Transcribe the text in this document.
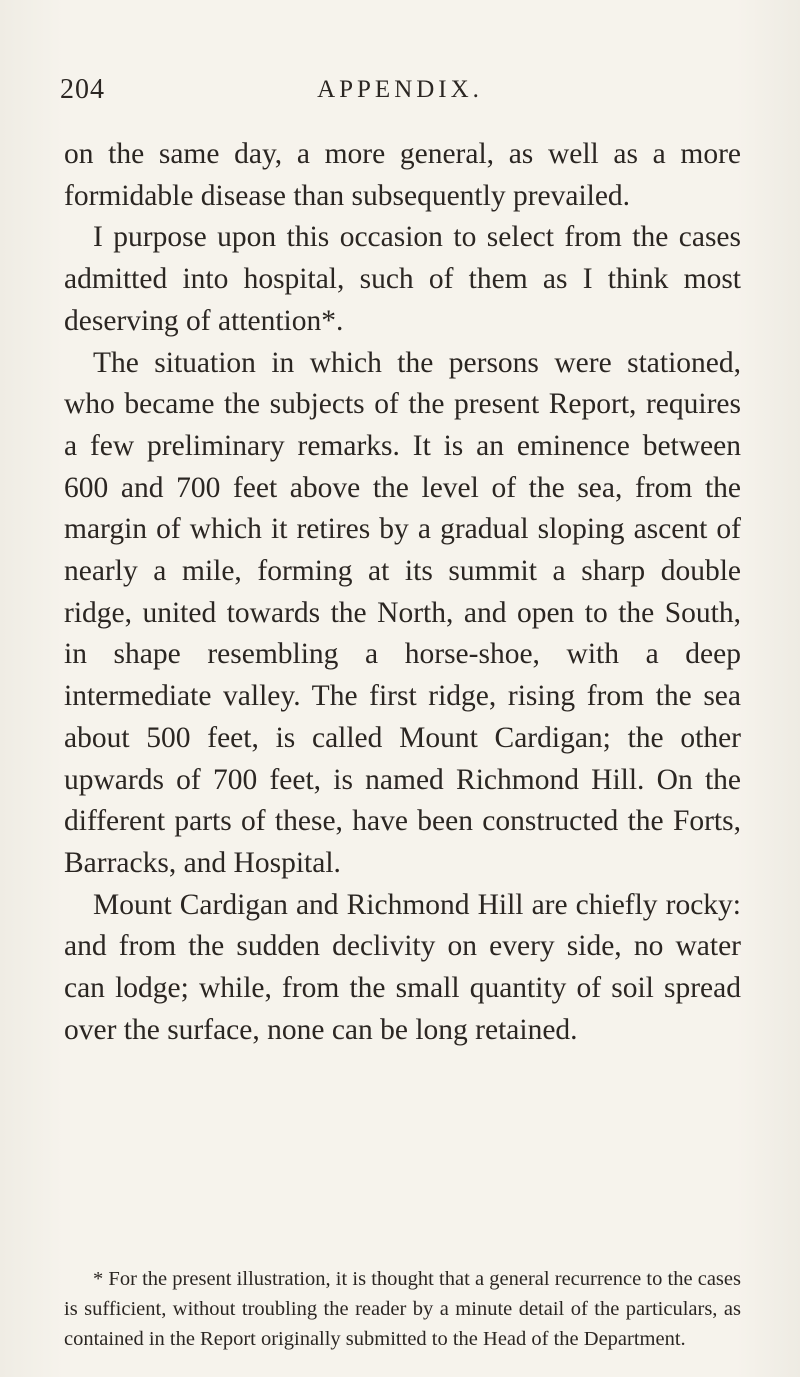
204	APPENDIX.

on the same day, a more general, as well as a more formidable disease than subsequently prevailed.

I purpose upon this occasion to select from the cases admitted into hospital, such of them as I think most deserving of attention*.

The situation in which the persons were stationed, who became the subjects of the present Report, requires a few preliminary remarks. It is an eminence between 600 and 700 feet above the level of the sea, from the margin of which it retires by a gradual sloping ascent of nearly a mile, forming at its summit a sharp double ridge, united towards the North, and open to the South, in shape resembling a horse-shoe, with a deep intermediate valley. The first ridge, rising from the sea about 500 feet, is called Mount Cardigan; the other upwards of 700 feet, is named Richmond Hill. On the different parts of these, have been constructed the Forts, Barracks, and Hospital.

Mount Cardigan and Richmond Hill are chiefly rocky: and from the sudden declivity on every side, no water can lodge; while, from the small quantity of soil spread over the surface, none can be long retained.

* For the present illustration, it is thought that a general recurrence to the cases is sufficient, without troubling the reader by a minute detail of the particulars, as contained in the Report originally submitted to the Head of the Department.
